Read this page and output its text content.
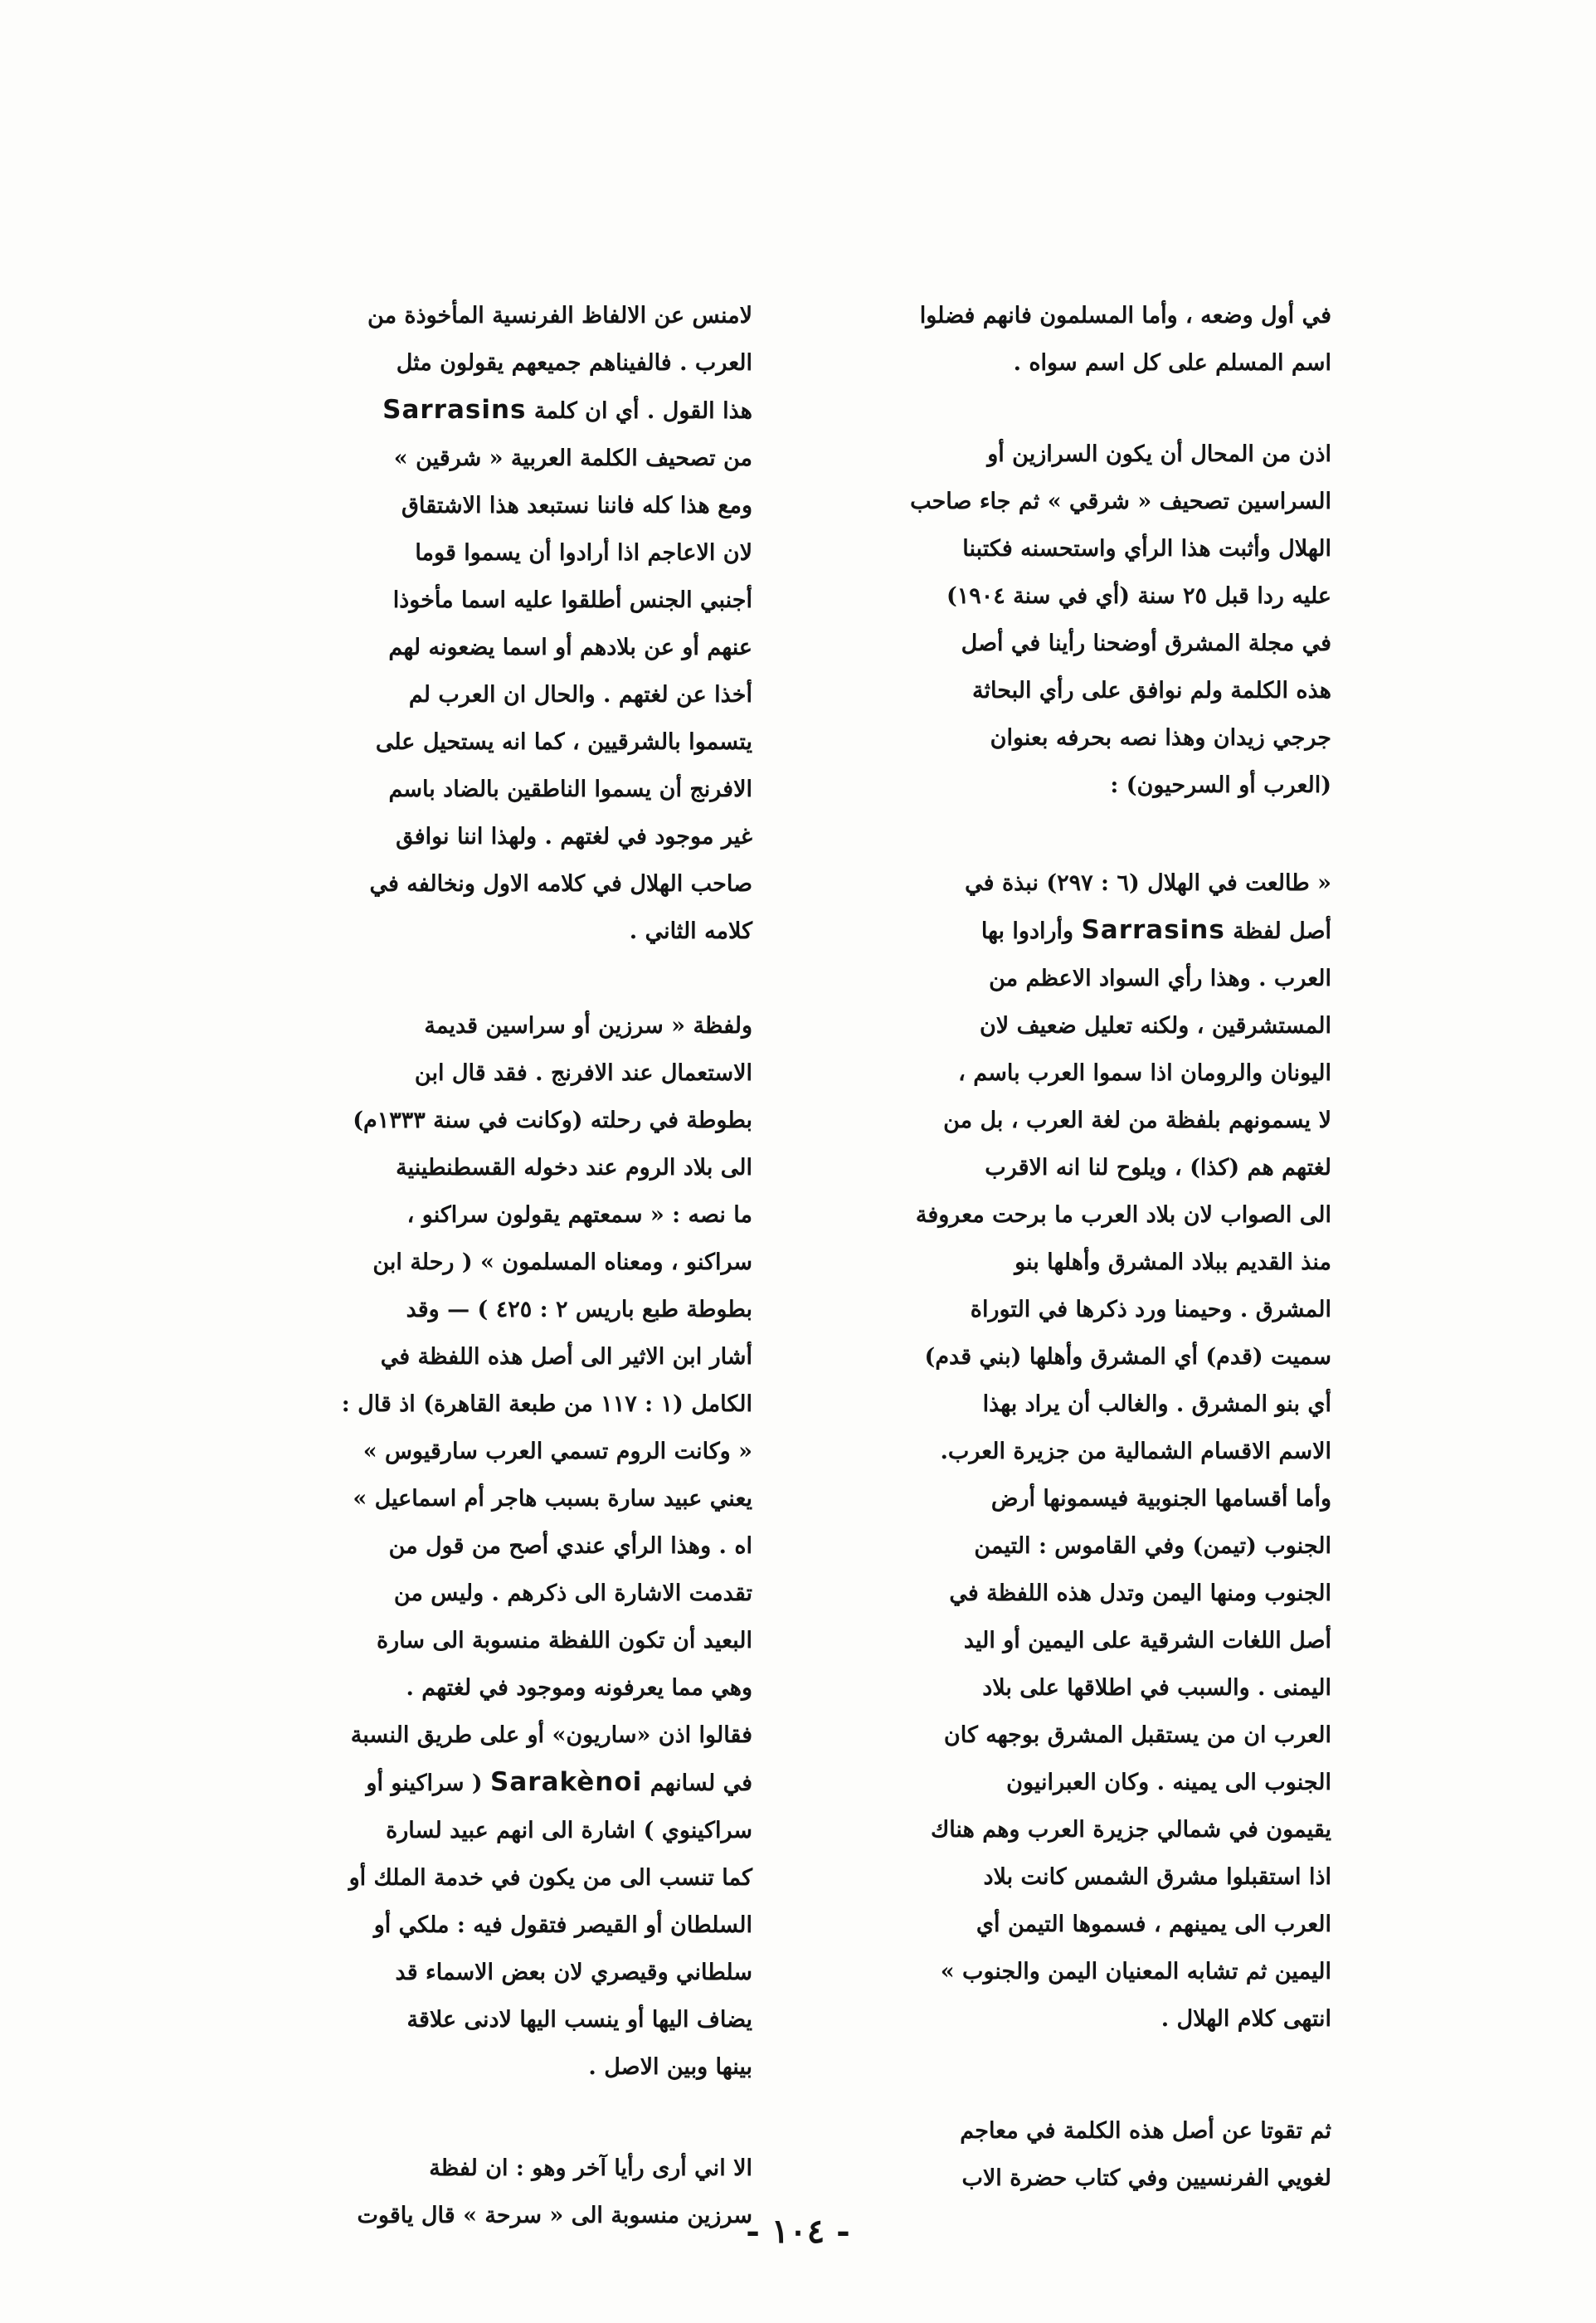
في أول وضعه ، وأما المسلمون فانهم فضلوا
اسم المسلم على كل اسم سواه .

اذن من المحال أن يكون السرازين أو
السراسين تصحيف « شرقي » ثم جاء صاحب
الهلال وأثبت هذا الرأي واستحسنه فكتبنا
عليه ردا قبل ٢٥ سنة (أي في سنة ١٩٠٤)
في مجلة المشرق أوضحنا رأينا في أصل
هذه الكلمة ولم نوافق على رأي البحاثة
جرجي زيدان وهذا نصه بحرفه بعنوان
(العرب أو السرحيون) :

« طالعت في الهلال (٦ : ٢٩٧) نبذة في
أصل لفظة Sarrasins وأرادوا بها
العرب . وهذا رأي السواد الاعظم من
المستشرقين ، ولكنه تعليل ضعيف لان
اليونان والرومان اذا سموا العرب باسم ،
لا يسمونهم بلفظة من لغة العرب ، بل من
لغتهم هم (كذا) ، ويلوح لنا انه الاقرب
الى الصواب لان بلاد العرب ما برحت معروفة
منذ القديم ببلاد المشرق وأهلها بنو
المشرق . وحيمنا ورد ذكرها في التوراة
سميت (قدم) أي المشرق وأهلها (بني قدم)
أي بنو المشرق . والغالب أن يراد بهذا
الاسم الاقسام الشمالية من جزيرة العرب.
وأما أقسامها الجنوبية فيسمونها أرض
الجنوب (تيمن) وفي القاموس : التيمن
الجنوب ومنها اليمن وتدل هذه اللفظة في
أصل اللغات الشرقية على اليمين أو اليد
اليمنى . والسبب في اطلاقها على بلاد
العرب ان من يستقبل المشرق بوجهه كان
الجنوب الى يمينه . وكان العبرانيون
يقيمون في شمالي جزيرة العرب وهم هناك
اذا استقبلوا مشرق الشمس كانت بلاد
العرب الى يمينهم ، فسموها التيمن أي
اليمين ثم تشابه المعنيان اليمن والجنوب »
انتهى كلام الهلال .

ثم تقوتا عن أصل هذه الكلمة في معاجم
لغويي الفرنسيين وفي كتاب حضرة الاب

لامنس عن الالفاظ الفرنسية المأخوذة من
العرب . فالفيناهم جميعهم يقولون مثل
هذا القول . أي ان كلمة Sarrasins
من تصحيف الكلمة العربية « شرقين »
ومع هذا كله فاننا نستبعد هذا الاشتقاق
لان الاعاجم اذا أرادوا أن يسموا قوما
أجنبي الجنس أطلقوا عليه اسما مأخوذا
عنهم أو عن بلادهم أو اسما يضعونه لهم
أخذا عن لغتهم . والحال ان العرب لم
يتسموا بالشرقيين ، كما انه يستحيل على
الافرنج أن يسموا الناطقين بالضاد باسم
غير موجود في لغتهم . ولهذا اننا نوافق
صاحب الهلال في كلامه الاول ونخالفه في
كلامه الثاني .

ولفظة « سرزين أو سراسين قديمة
الاستعمال عند الافرنج . فقد قال ابن
بطوطة في رحلته (وكانت في سنة ١٣٣٣م)
الى بلاد الروم عند دخوله القسطنطينية
ما نصه : « سمعتهم يقولون سراكنو ،
سراكنو ، ومعناه المسلمون » ( رحلة ابن
بطوطة طبع باريس ٢ : ٤٢٥ ) — وقد
أشار ابن الاثير الى أصل هذه اللفظة في
الكامل (١ : ١١٧ من طبعة القاهرة) اذ قال :
« وكانت الروم تسمي العرب سارقيوس »
يعني عبيد سارة بسبب هاجر أم اسماعيل »
اه . وهذا الرأي عندي أصح من قول من
تقدمت الاشارة الى ذكرهم . وليس من
البعيد أن تكون اللفظة منسوبة الى سارة
وهي مما يعرفونه وموجود في لغتهم .
فقالوا اذن «ساريون» أو على طريق النسبة
في لسانهم Sarakènoi ( سراكينو أو
سراكينوي ) اشارة الى انهم عبيد لسارة
كما تنسب الى من يكون في خدمة الملك أو
السلطان أو القيصر فتقول فيه : ملكي أو
سلطاني وقيصري لان بعض الاسماء قد
يضاف اليها أو ينسب اليها لادنى علاقة
بينها وبين الاصل .

الا اني أرى رأيا آخر وهو : ان لفظة
سرزين منسوبة الى « سرحة » قال ياقوت	- ١٠٤ -
